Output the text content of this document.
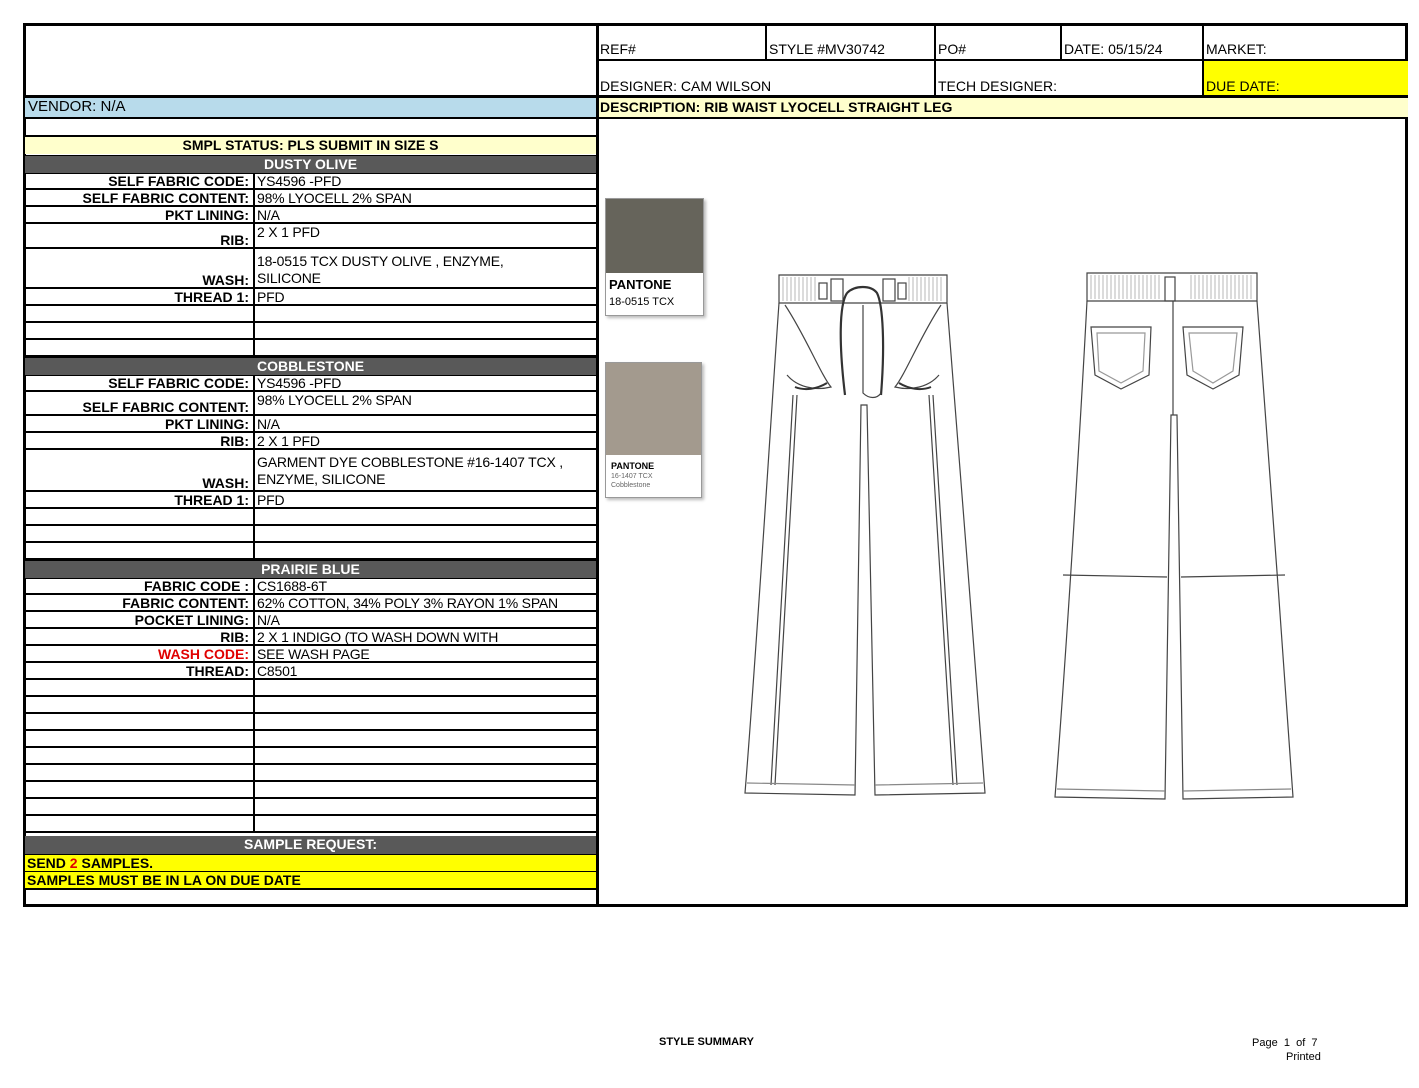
REF#	STYLE #MV30742	PO#	DATE: 05/15/24	MARKET:
DESIGNER: CAM WILSON	TECH DESIGNER:	DUE DATE:
VENDOR: N/A	DESCRIPTION: RIB WAIST LYOCELL STRAIGHT LEG
SMPL STATUS: PLS SUBMIT IN SIZE S
DUSTY OLIVE
SELF FABRIC CODE: YS4596 -PFD
SELF FABRIC CONTENT: 98% LYOCELL 2% SPAN
PKT LINING: N/A
RIB: 2 X 1 PFD
WASH:
18-0515 TCX DUSTY OLIVE , ENZYME,
SILICONE
THREAD 1: PFD
COBBLESTONE
SELF FABRIC CODE: YS4596 -PFD
SELF FABRIC CONTENT: 98% LYOCELL 2% SPAN
PKT LINING: N/A
RIB: 2 X 1 PFD
WASH:
GARMENT DYE COBBLESTONE #16-1407 TCX ,
ENZYME, SILICONE
THREAD 1: PFD
PRAIRIE BLUE
FABRIC CODE : CS1688-6T
FABRIC CONTENT: 62% COTTON, 34% POLY 3% RAYON 1% SPAN
POCKET LINING: N/A
RIB: 2 X 1 INDIGO (TO WASH DOWN WITH
WASH CODE: SEE WASH PAGE
THREAD: C8501
SAMPLE REQUEST:
SEND 2 SAMPLES.
SAMPLES MUST BE IN LA ON DUE DATE
PANTONE
18-0515 TCX
PANTONE
16-1407 TCX
Cobblestone
STYLE SUMMARY	Page 1 of 7
Printed
